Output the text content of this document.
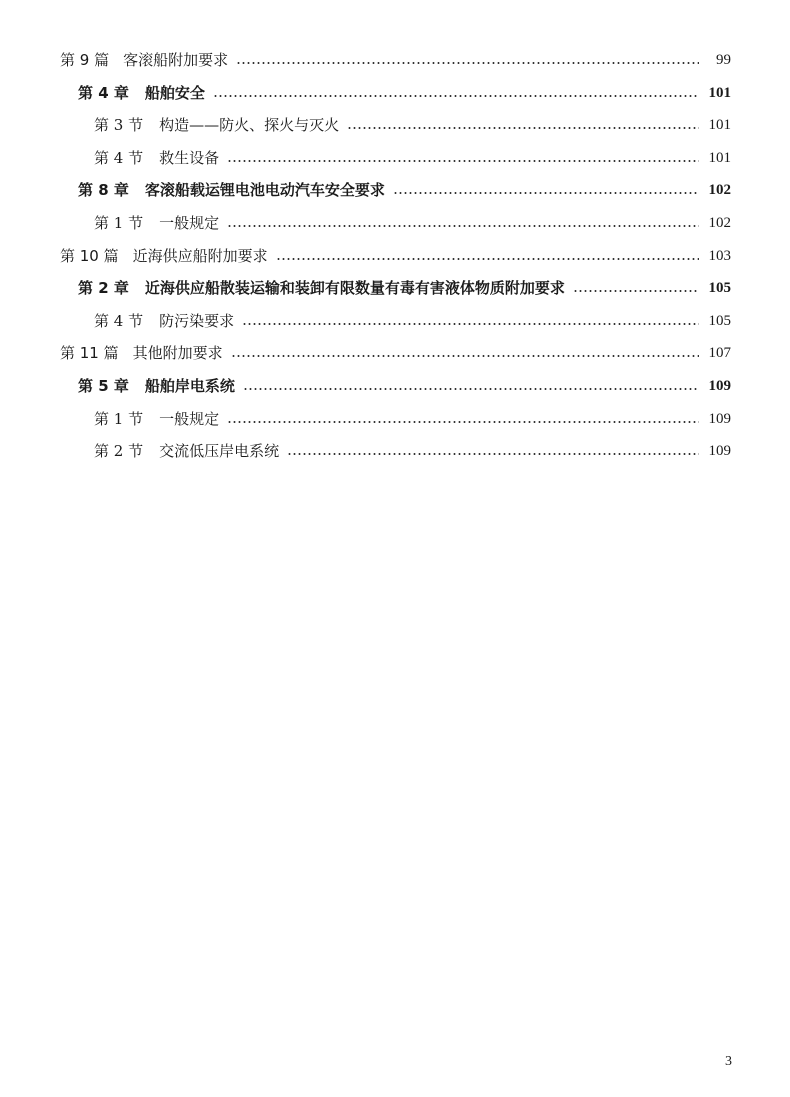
第 9 篇 客滚船附加要求	99
第 4 章 船舶安全	101
第 3 节 构造——防火、探火与灭火	101
第 4 节 救生设备	101
第 8 章 客滚船载运锂电池电动汽车安全要求	102
第 1 节 一般规定	102
第 10 篇 近海供应船附加要求	103
第 2 章 近海供应船散装运输和装卸有限数量有毒有害液体物质附加要求	105
第 4 节 防污染要求	105
第 11 篇 其他附加要求	107
第 5 章 船舶岸电系统	109
第 1 节 一般规定	109
第 2 节 交流低压岸电系统	109
3
